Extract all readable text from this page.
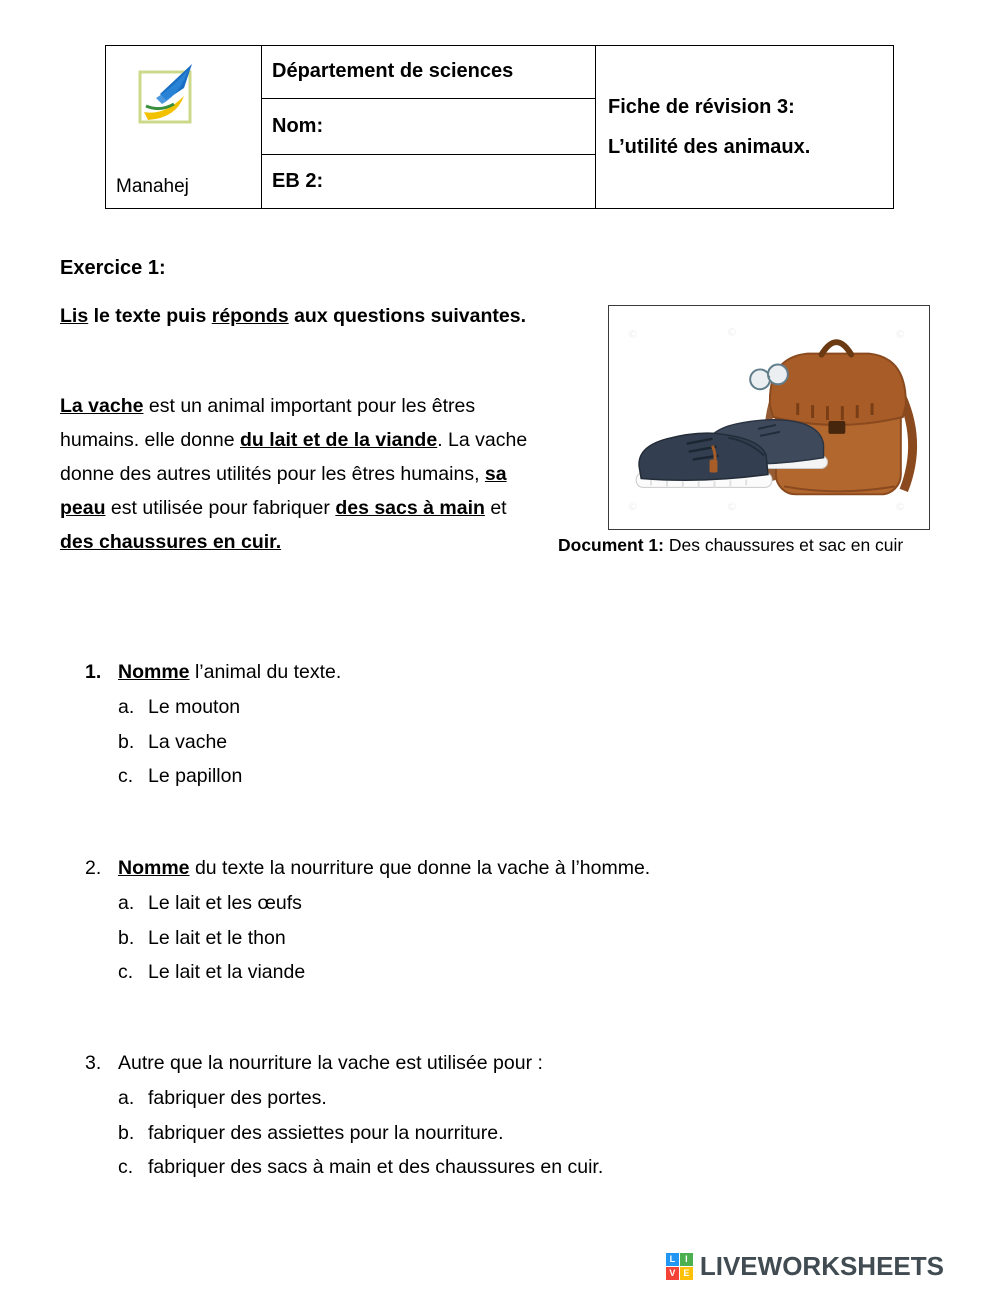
Manahej
Département de sciences
Nom:
EB 2:
Fiche de révision 3:
L’utilité des animaux.
Exercice 1:
Lis le texte puis réponds aux questions suivantes.
La vache est un animal important pour les êtres humains. elle donne du lait et de la viande. La vache donne des autres utilités pour les êtres humains, sa peau est utilisée pour fabriquer des sacs à main et des chaussures en cuir.
©	©
©	©
©
©
Document 1: Des chaussures et sac en cuir
1. Nomme l’animal du texte.
a. Le mouton
b. La vache
c. Le papillon
2. Nomme du texte la nourriture que donne la vache à l’homme.
a. Le lait et les œufs
b. Le lait et le thon
c. Le lait et la viande
3. Autre que la nourriture la vache est utilisée pour :
a. fabriquer des portes.
b. fabriquer des assiettes pour la nourriture.
c. fabriquer des sacs à main et des chaussures en cuir.
L	I
V E LIVEWORKSHEETS
